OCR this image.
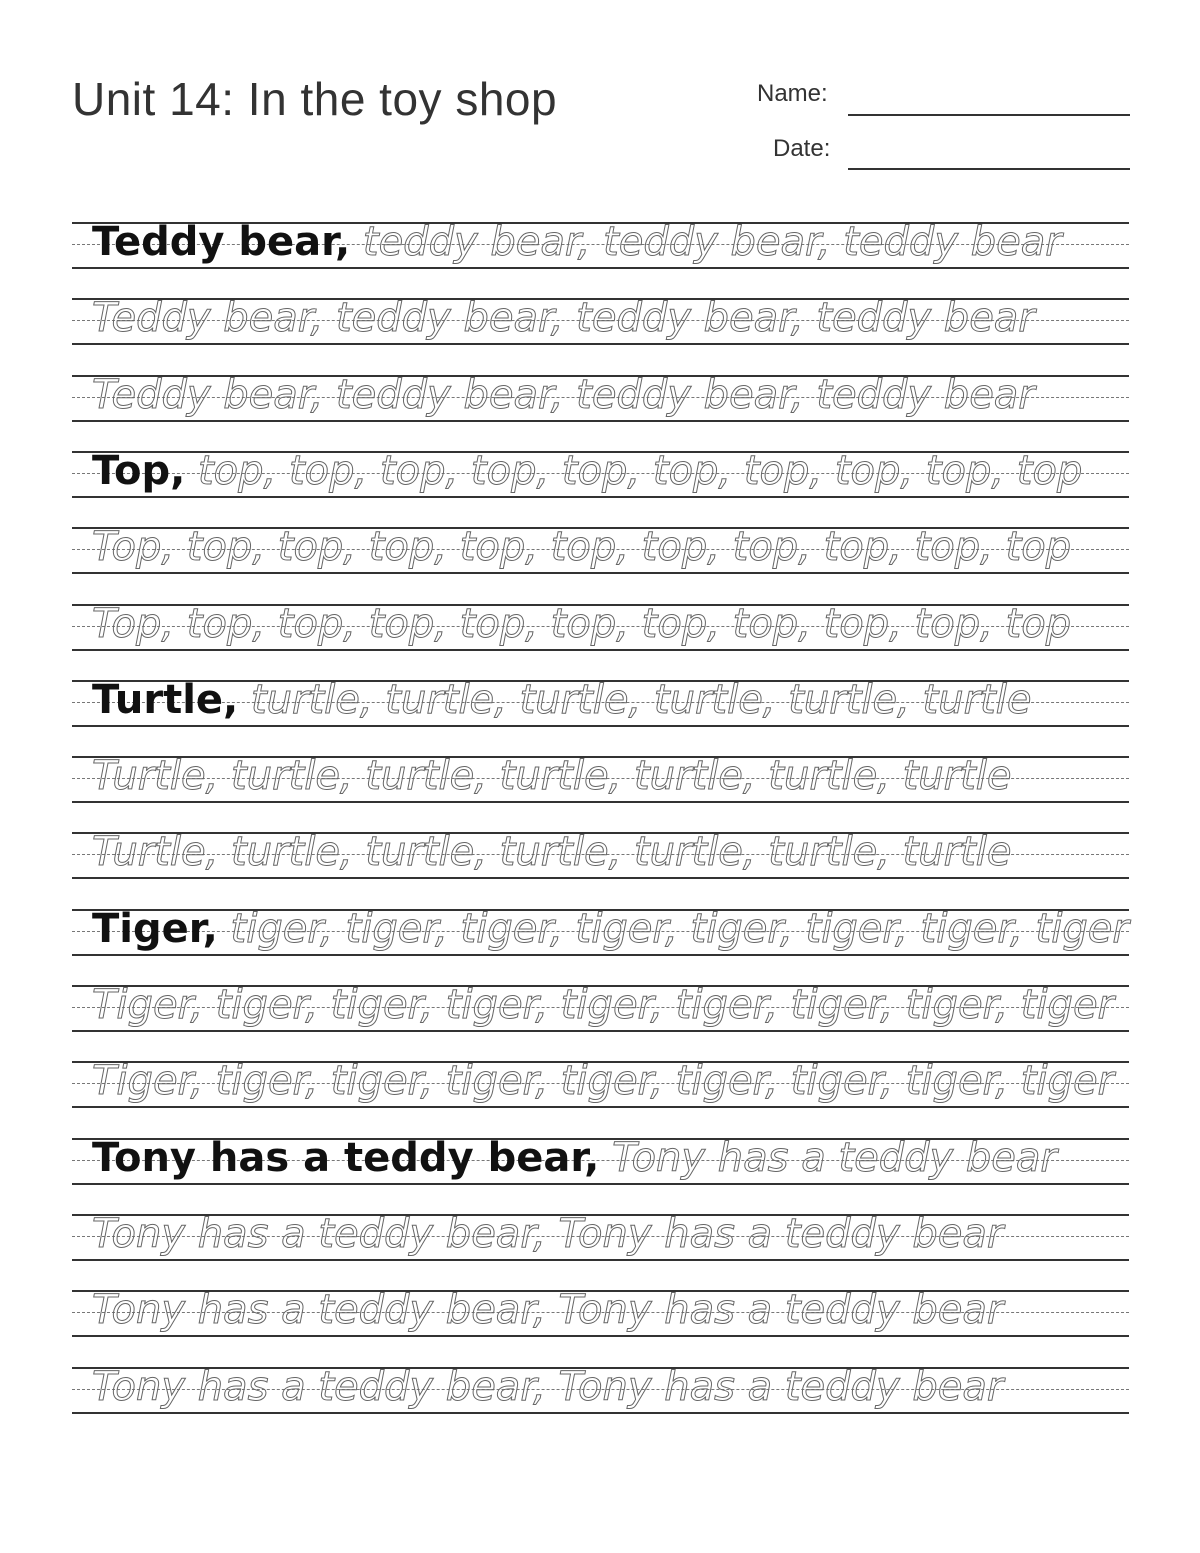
Unit 14: In the toy shop	Name:
Date:
Teddy bear, teddy bear, teddy bear, teddy bear
Teddy bear, teddy bear, teddy bear, teddy bear
Teddy bear, teddy bear, teddy bear, teddy bear
Top, top, top, top, top, top, top, top, top, top, top
Top, top, top, top, top, top, top, top, top, top, top
Top, top, top, top, top, top, top, top, top, top, top
Turtle, turtle, turtle, turtle, turtle, turtle, turtle
Turtle, turtle, turtle, turtle, turtle, turtle, turtle
Turtle, turtle, turtle, turtle, turtle, turtle, turtle
Tiger, tiger, tiger, tiger, tiger, tiger, tiger, tiger, tiger
Tiger, tiger, tiger, tiger, tiger, tiger, tiger, tiger, tiger
Tiger, tiger, tiger, tiger, tiger, tiger, tiger, tiger, tiger
Tony has a teddy bear, Tony has a teddy bear
Tony has a teddy bear, Tony has a teddy bear
Tony has a teddy bear, Tony has a teddy bear
Tony has a teddy bear, Tony has a teddy bear
